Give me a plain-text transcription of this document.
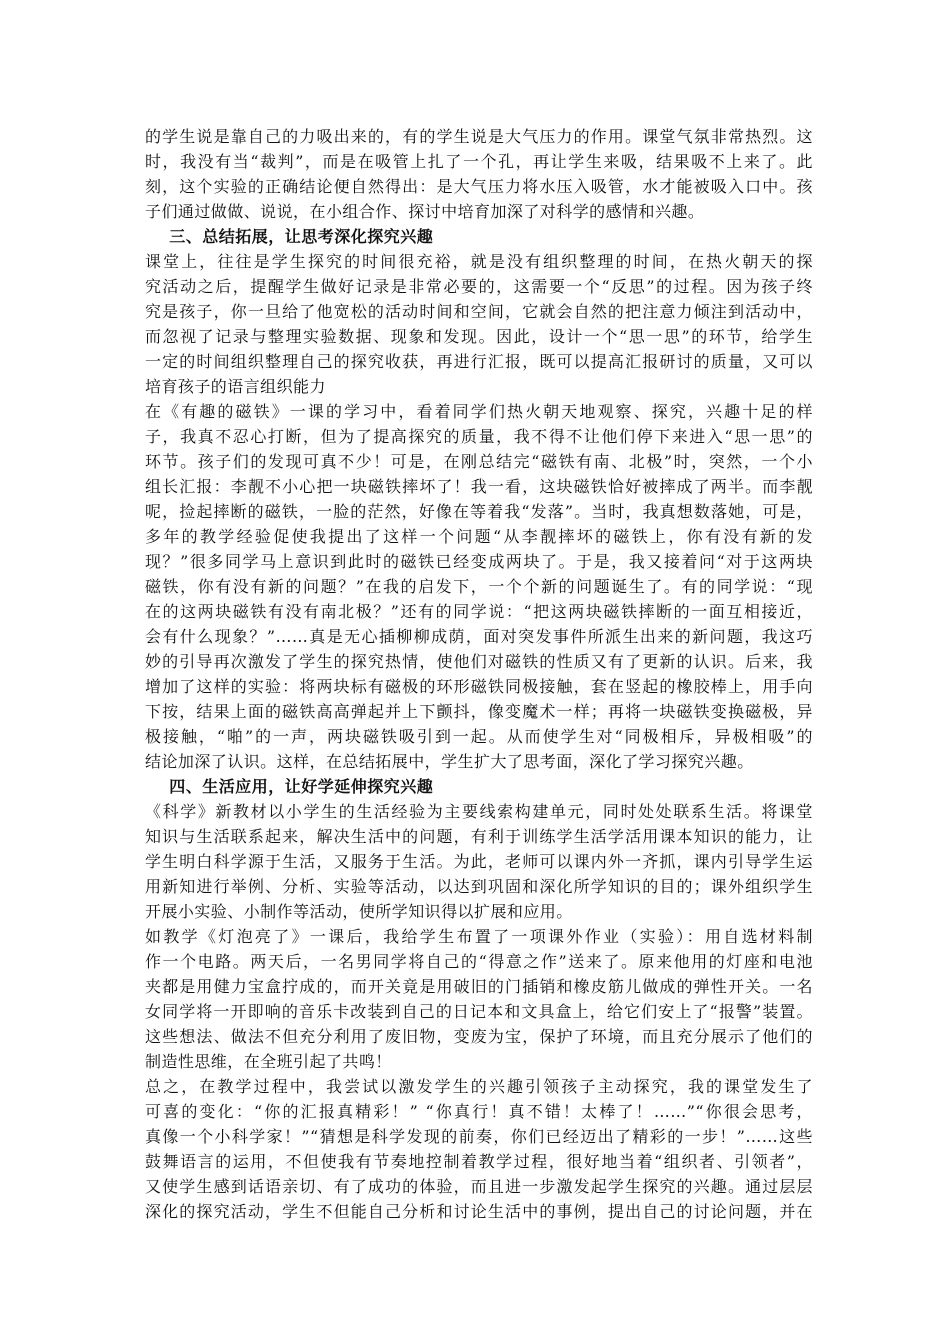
的学生说是靠自己的力吸出来的，有的学生说是大气压力的作用。课堂气氛非常热烈。这
时，我没有当“裁判”，而是在吸管上扎了一个孔，再让学生来吸，结果吸不上来了。此
刻，这个实验的正确结论便自然得出：是大气压力将水压入吸管，水才能被吸入口中。孩
子们通过做做、说说，在小组合作、探讨中培育加深了对科学的感情和兴趣。
三、总结拓展，让思考深化探究兴趣
课堂上，往往是学生探究的时间很充裕，就是没有组织整理的时间，在热火朝天的探
究活动之后，提醒学生做好记录是非常必要的，这需要一个“反思”的过程。因为孩子终
究是孩子，你一旦给了他宽松的活动时间和空间，它就会自然的把注意力倾注到活动中，
而忽视了记录与整理实验数据、现象和发现。因此，设计一个“思一思”的环节，给学生
一定的时间组织整理自己的探究收获，再进行汇报，既可以提高汇报研讨的质量，又可以
培育孩子的语言组织能力
在《有趣的磁铁》一课的学习中，看着同学们热火朝天地观察、探究，兴趣十足的样
子，我真不忍心打断，但为了提高探究的质量，我不得不让他们停下来进入“思一思”的
环节。孩子们的发现可真不少！可是，在刚总结完“磁铁有南、北极”时，突然，一个小
组长汇报：李靓不小心把一块磁铁摔坏了！我一看，这块磁铁恰好被摔成了两半。而李靓
呢，捡起摔断的磁铁，一脸的茫然，好像在等着我“发落”。当时，我真想数落她，可是，
多年的教学经验促使我提出了这样一个问题“从李靓摔坏的磁铁上，你有没有新的发
现？”很多同学马上意识到此时的磁铁已经变成两块了。于是，我又接着问“对于这两块
磁铁，你有没有新的问题？”在我的启发下，一个个新的问题诞生了。有的同学说：“现
在的这两块磁铁有没有南北极？”还有的同学说：“把这两块磁铁摔断的一面互相接近，
会有什么现象？”……真是无心插柳柳成荫，面对突发事件所派生出来的新问题，我这巧
妙的引导再次激发了学生的探究热情，使他们对磁铁的性质又有了更新的认识。后来，我
增加了这样的实验：将两块标有磁极的环形磁铁同极接触，套在竖起的橡胶棒上，用手向
下按，结果上面的磁铁高高弹起并上下颤抖，像变魔术一样；再将一块磁铁变换磁极，异
极接触，“啪”的一声，两块磁铁吸引到一起。从而使学生对“同极相斥，异极相吸”的
结论加深了认识。这样，在总结拓展中，学生扩大了思考面，深化了学习探究兴趣。
四、生活应用，让好学延伸探究兴趣
《科学》新教材以小学生的生活经验为主要线索构建单元，同时处处联系生活。将课堂
知识与生活联系起来，解决生活中的问题，有利于训练学生活学活用课本知识的能力，让
学生明白科学源于生活，又服务于生活。为此，老师可以课内外一齐抓，课内引导学生运
用新知进行举例、分析、实验等活动，以达到巩固和深化所学知识的目的；课外组织学生
开展小实验、小制作等活动，使所学知识得以扩展和应用。
如教学《灯泡亮了》一课后，我给学生布置了一项课外作业（实验）：用自选材料制
作一个电路。两天后，一名男同学将自己的“得意之作”送来了。原来他用的灯座和电池
夹都是用健力宝盒拧成的，而开关竟是用破旧的门插销和橡皮筋儿做成的弹性开关。一名
女同学将一开即响的音乐卡改装到自己的日记本和文具盒上，给它们安上了“报警”装置。
这些想法、做法不但充分利用了废旧物，变废为宝，保护了环境，而且充分展示了他们的
制造性思维，在全班引起了共鸣！
总之，在教学过程中，我尝试以激发学生的兴趣引领孩子主动探究，我的课堂发生了
可喜的变化：“你的汇报真精彩！” “你真行！真不错！太棒了！……”“你很会思考，
真像一个小科学家！”“猜想是科学发现的前奏，你们已经迈出了精彩的一步！”……这些
鼓舞语言的运用，不但使我有节奏地控制着教学过程，很好地当着“组织者、引领者”，
又使学生感到话语亲切、有了成功的体验，而且进一步激发起学生探究的兴趣。通过层层
深化的探究活动，学生不但能自己分析和讨论生活中的事例，提出自己的讨论问题，并在
